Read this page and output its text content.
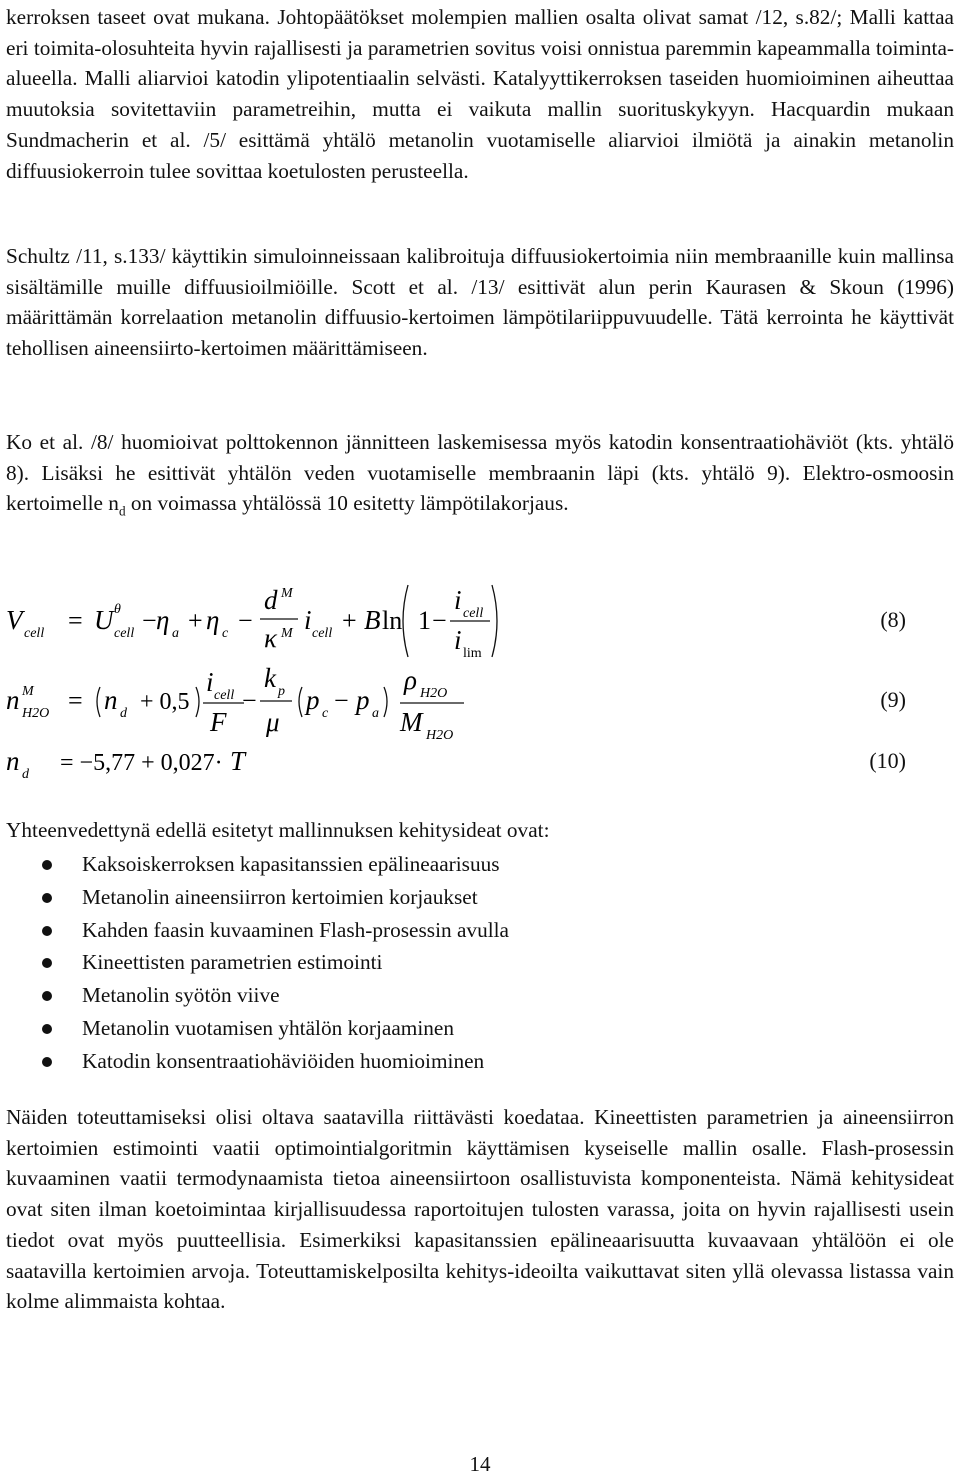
kerroksen taseet ovat mukana. Johtopäätökset molempien mallien osalta olivat samat /12, s.82/; Malli kattaa eri toimita-olosuhteita hyvin rajallisesti ja parametrien sovitus voisi onnistua paremmin kapeammalla toiminta-alueella. Malli aliarvioi katodin ylipotentiaalin selvästi. Katalyyttikerroksen taseiden huomioiminen aiheuttaa muutoksia sovitettaviin parametreihin, mutta ei vaikuta mallin suorituskykyyn. Hacquardin mukaan Sundmacherin et al. /5/ esittämä yhtälö metanolin vuotamiselle aliarvioi ilmiötä ja ainakin metanolin diffuusiokerroin tulee sovittaa koetulosten perusteella.

Schultz /11, s.133/ käyttikin simuloinneissaan kalibroituja diffuusiokertoimia niin membraanille kuin mallinsa sisältämille muille diffuusioilmiöille. Scott et al. /13/ esittivät alun perin Kaurasen & Skoun (1996) määrittämän korrelaation metanolin diffuusio-kertoimen lämpötilariippuvuudelle. Tätä kerrointa he käyttivät tehollisen aineensiirto-kertoimen määrittämiseen.

Ko et al. /8/ huomioivat polttokennon jännitteen laskemisessa myös katodin konsentraatiohäviöt (kts. yhtälö 8). Lisäksi he esittivät yhtälön veden vuotamiselle membraanin läpi (kts. yhtälö 9). Elektro-osmoosin kertoimelle $n_d$ on voimassa yhtälössä 10 esitetty lämpötilakorjaus.

V cell = U θ
cell − η a + η c −
d M
κ M i cell + B ln 1 −
i cell
i lim
(8)
n M
H2O = n d + 0,5
i cell
F
−
k p
μ
p c − p a
ρ H2O
M H2O
(9)
n d = −5,77 + 0,027· T	(10)

Yhteenvedettynä edellä esitetyt mallinnuksen kehitysideat ovat:

Kaksoiskerroksen kapasitanssien epälineaarisuus
Metanolin aineensiirron kertoimien korjaukset
Kahden faasin kuvaaminen Flash-prosessin avulla
Kineettisten parametrien estimointi
Metanolin syötön viive
Metanolin vuotamisen yhtälön korjaaminen
Katodin konsentraatiohäviöiden huomioiminen

Näiden toteuttamiseksi olisi oltava saatavilla riittävästi koedataa. Kineettisten parametrien ja aineensiirron kertoimien estimointi vaatii optimointialgoritmin käyttämisen kyseiselle mallin osalle. Flash-prosessin kuvaaminen vaatii termodynaamista tietoa aineensiirtoon osallistuvista komponenteista. Nämä kehitysideat ovat siten ilman koetoimintaa kirjallisuudessa raportoitujen tulosten varassa, joita on hyvin rajallisesti usein tiedot ovat myös puutteellisia. Esimerkiksi kapasitanssien epälineaarisuutta kuvaavaan yhtälöön ei ole saatavilla kertoimien arvoja. Toteuttamiskelposilta kehitys-ideoilta vaikuttavat siten yllä olevassa listassa vain kolme alimmaista kohtaa.

14
